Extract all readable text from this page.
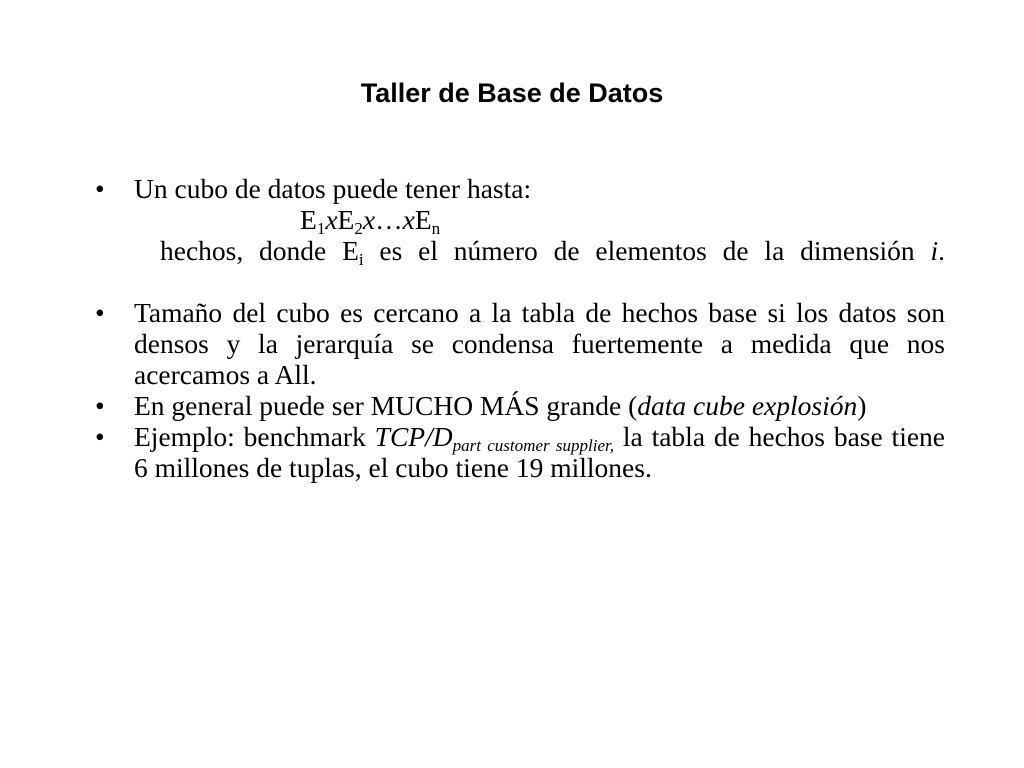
Taller de Base de Datos
• Un cubo de datos puede tener hasta:
$E_1xE_2x\dots xE_n$
hechos, donde $E_i$ es el número de elementos de la dimensión i.
• Tamaño del cubo es cercano a la tabla de hechos base si los datos son densos y la jerarquía se condensa fuertemente a medida que nos acercamos a All.
• En general puede ser MUCHO MÁS grande (data cube explosión)
• Ejemplo: benchmark TCP/$D_{part customer supplier,}$ la tabla de hechos base tiene 6 millones de tuplas, el cubo tiene 19 millones.
